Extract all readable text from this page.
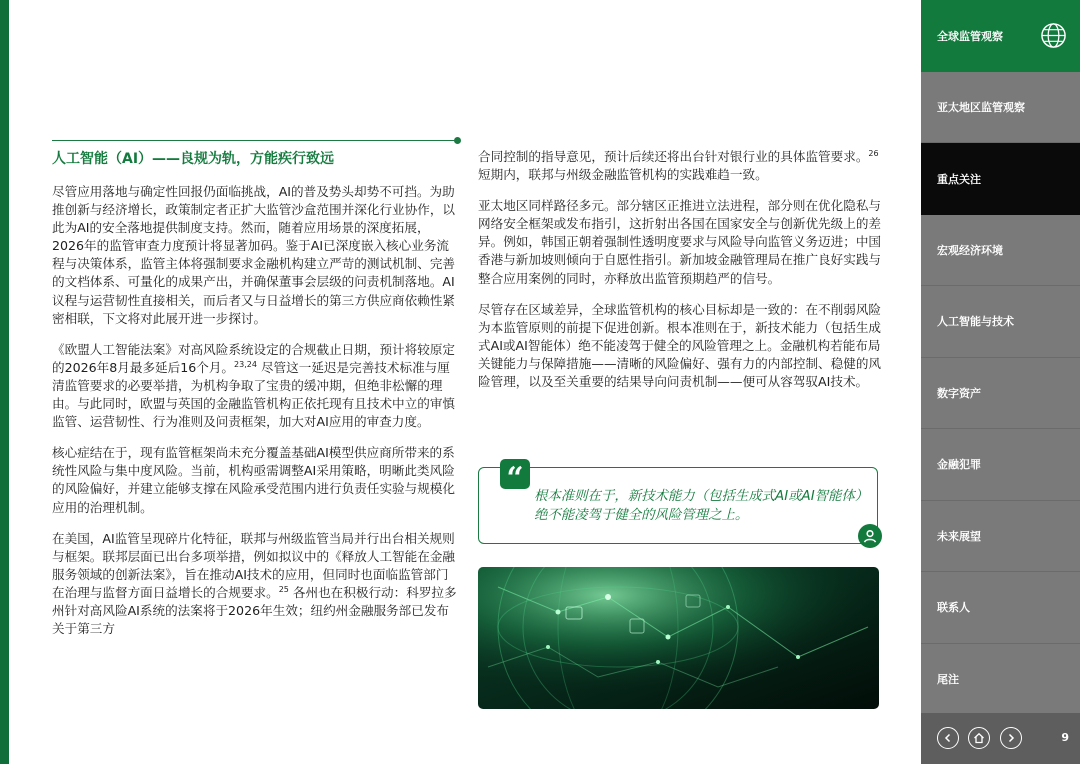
人工智能（AI）——良规为轨，方能疾行致远

尽管应用落地与确定性回报仍面临挑战，AI的普及势头却势不可挡。为助推创新与经济增长，政策制定者正扩大监管沙盒范围并深化行业协作，以此为AI的安全落地提供制度支持。然而，随着应用场景的深度拓展，2026年的监管审查力度预计将显著加码。鉴于AI已深度嵌入核心业务流程与决策体系，监管主体将强制要求金融机构建立严苛的测试机制、完善的文档体系、可量化的成果产出，并确保董事会层级的问责机制落地。AI议程与运营韧性直接相关，而后者又与日益增长的第三方供应商依赖性紧密相联，下文将对此展开进一步探讨。

《欧盟人工智能法案》对高风险系统设定的合规截止日期，预计将较原定的2026年8月最多延后16个月。$^{23,24}$ 尽管这一延迟是完善技术标准与厘清监管要求的必要举措，为机构争取了宝贵的缓冲期，但绝非松懈的理由。与此同时，欧盟与英国的金融监管机构正依托现有且技术中立的审慎监管、运营韧性、行为准则及问责框架，加大对AI应用的审查力度。

核心症结在于，现有监管框架尚未充分覆盖基础AI模型供应商所带来的系统性风险与集中度风险。当前，机构亟需调整AI采用策略，明晰此类风险的风险偏好，并建立能够支撑在风险承受范围内进行负责任实验与规模化应用的治理机制。

在美国，AI监管呈现碎片化特征，联邦与州级监管当局并行出台相关规则与框架。联邦层面已出台多项举措，例如拟议中的《释放人工智能在金融服务领域的创新法案》，旨在推动AI技术的应用，但同时也面临监管部门在治理与监督方面日益增长的合规要求。$^{25}$ 各州也在积极行动：科罗拉多州针对高风险AI系统的法案将于2026年生效；纽约州金融服务部已发布关于第三方

合同控制的指导意见，预计后续还将出台针对银行业的具体监管要求。$^{26}$短期内，联邦与州级金融监管机构的实践难趋一致。

亚太地区同样路径多元。部分辖区正推进立法进程，部分则在优化隐私与网络安全框架或发布指引，这折射出各国在国家安全与创新优先级上的差异。例如，韩国正朝着强制性透明度要求与风险导向监管义务迈进；中国香港与新加坡则倾向于自愿性指引。新加坡金融管理局在推广良好实践与整合应用案例的同时，亦释放出监管预期趋严的信号。

尽管存在区域差异，全球监管机构的核心目标却是一致的：在不削弱风险为本监管原则的前提下促进创新。根本准则在于，新技术能力（包括生成式AI或AI智能体）绝不能凌驾于健全的风险管理之上。金融机构若能布局关键能力与保障措施——清晰的风险偏好、强有力的内部控制、稳健的风险管理，以及至关重要的结果导向问责机制——便可从容驾驭AI技术。

“
根本准则在于，新技术能力（包括生成式AI或AI智能体）绝不能凌驾于健全的风险管理之上。
全球监管观察
亚太地区监管观察
重点关注
宏观经济环境
人工智能与技术
数字资产
金融犯罪
未来展望
联系人
尾注
9
